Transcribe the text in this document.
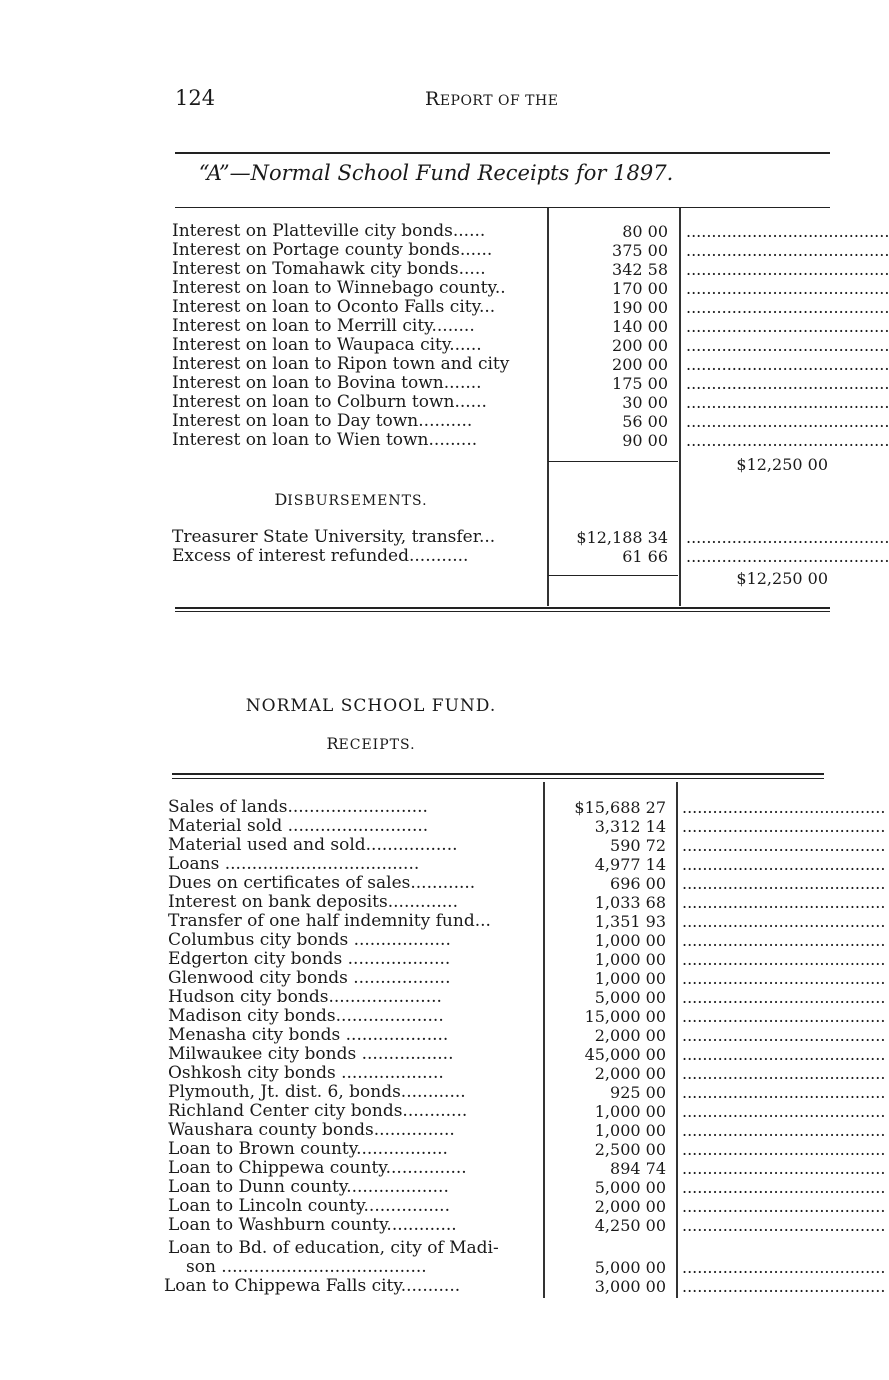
124	REPORT OF THE
“A”—Normal School Fund Receipts for 1897.
Interest on Platteville city bonds......	80 00 ........................................
Interest on Portage county bonds......	375 00 ........................................
Interest on Tomahawk city bonds.....	342 58 ........................................
Interest on loan to Winnebago county..	170 00 ........................................
Interest on loan to Oconto Falls city...	190 00 ........................................
Interest on loan to Merrill city........	140 00 ........................................
Interest on loan to Waupaca city......	200 00 ........................................
Interest on loan to Ripon town and city	200 00 ........................................
Interest on loan to Bovina town.......	175 00 ........................................
Interest on loan to Colburn town......	30 00 ........................................
Interest on loan to Day town..........	56 00 ........................................
Interest on loan to Wien town.........	90 00 ........................................
$12,250 00
DISBURSEMENTS.
Treasurer State University, transfer...	$12,188 34 ........................................
Excess of interest refunded...........	61 66 ........................................
$12,250 00
NORMAL SCHOOL FUND.
RECEIPTS.
Sales of lands..........................	$15,688 27 ........................................
Material sold ..........................	3,312 14 ........................................
Material used and sold.................	590 72 ........................................
Loans ....................................	4,977 14 ........................................
Dues on certificates of sales............	696 00 ........................................
Interest on bank deposits.............	1,033 68 ........................................
Transfer of one half indemnity fund...	1,351 93 ........................................
Columbus city bonds ..................	1,000 00 ........................................
Edgerton city bonds ...................	1,000 00 ........................................
Glenwood city bonds ..................	1,000 00 ........................................
Hudson city bonds.....................	5,000 00 ........................................
Madison city bonds....................	15,000 00 ........................................
Menasha city bonds ...................	2,000 00 ........................................
Milwaukee city bonds .................	45,000 00 ........................................
Oshkosh city bonds ...................	2,000 00 ........................................
Plymouth, Jt. dist. 6, bonds............	925 00 ........................................
Richland Center city bonds............	1,000 00 ........................................
Waushara county bonds...............	1,000 00 ........................................
Loan to Brown county.................	2,500 00 ........................................
Loan to Chippewa county...............	894 74 ........................................
Loan to Dunn county...................	5,000 00 ........................................
Loan to Lincoln county................	2,000 00 ........................................
Loan to Washburn county.............	4,250 00 ........................................
Loan to Bd. of education, city of Madi-
son ......................................	5,000 00 ........................................
Loan to Chippewa Falls city...........	3,000 00 ........................................
